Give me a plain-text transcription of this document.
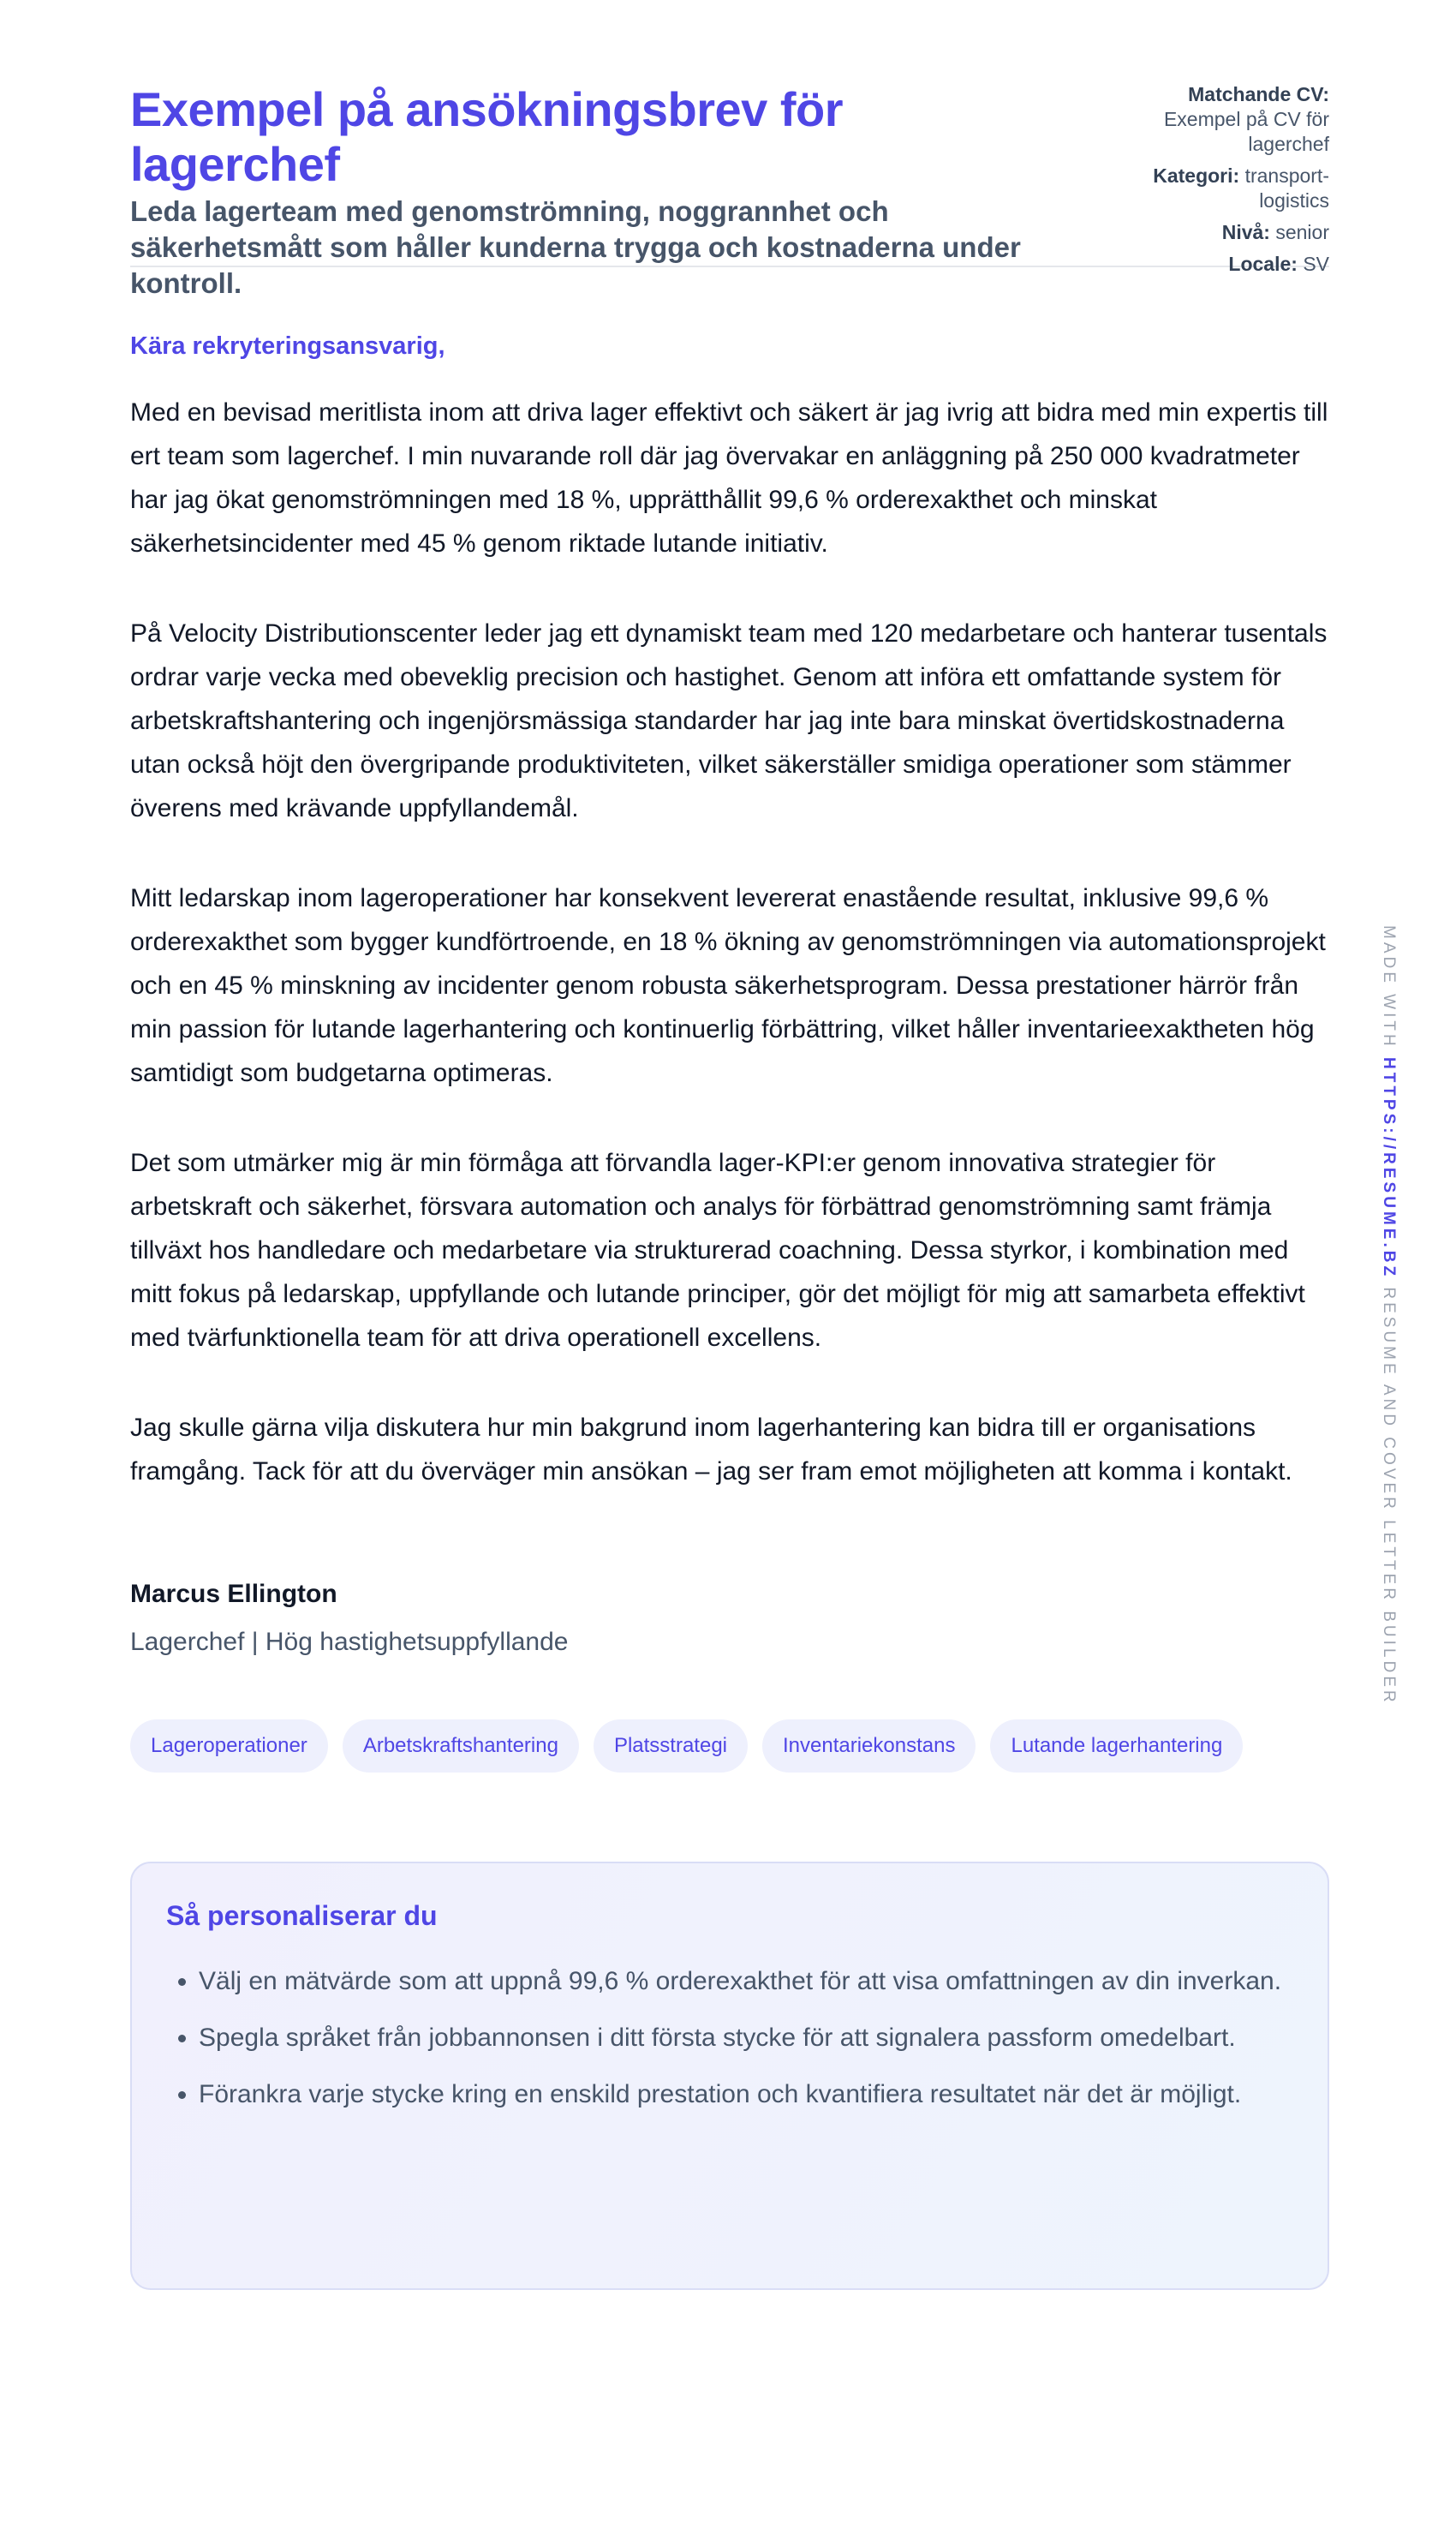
Exempel på ansökningsbrev för lagerchef

Leda lagerteam med genomströmning, noggrannhet och säkerhetsmått som håller kunderna trygga och kostnaderna under kontroll.

Matchande CV:
Exempel på CV för lagerchef
Kategori: transport-logistics
Nivå: senior
Locale: SV

Kära rekryteringsansvarig,

Med en bevisad meritlista inom att driva lager effektivt och säkert är jag ivrig att bidra med min expertis till ert team som lagerchef. I min nuvarande roll där jag övervakar en anläggning på 250 000 kvadratmeter har jag ökat genomströmningen med 18 %, upprätthållit 99,6 % orderexakthet och minskat säkerhetsincidenter med 45 % genom riktade lutande initiativ.

På Velocity Distributionscenter leder jag ett dynamiskt team med 120 medarbetare och hanterar tusentals ordrar varje vecka med obeveklig precision och hastighet. Genom att införa ett omfattande system för arbetskraftshantering och ingenjörsmässiga standarder har jag inte bara minskat övertidskostnaderna utan också höjt den övergripande produktiviteten, vilket säkerställer smidiga operationer som stämmer överens med krävande uppfyllandemål.

Mitt ledarskap inom lageroperationer har konsekvent levererat enastående resultat, inklusive 99,6 % orderexakthet som bygger kundförtroende, en 18 % ökning av genomströmningen via automationsprojekt och en 45 % minskning av incidenter genom robusta säkerhetsprogram. Dessa prestationer härrör från min passion för lutande lagerhantering och kontinuerlig förbättring, vilket håller inventarieexaktheten hög samtidigt som budgetarna optimeras.

Det som utmärker mig är min förmåga att förvandla lager-KPI:er genom innovativa strategier för arbetskraft och säkerhet, försvara automation och analys för förbättrad genomströmning samt främja tillväxt hos handledare och medarbetare via strukturerad coachning. Dessa styrkor, i kombination med mitt fokus på ledarskap, uppfyllande och lutande principer, gör det möjligt för mig att samarbeta effektivt med tvärfunktionella team för att driva operationell excellens.

Jag skulle gärna vilja diskutera hur min bakgrund inom lagerhantering kan bidra till er organisations framgång. Tack för att du överväger min ansökan – jag ser fram emot möjligheten att komma i kontakt.

Marcus Ellington
Lagerchef | Hög hastighetsuppfyllande
Lageroperationer	Arbetskraftshantering	Platsstrategi	Inventariekonstans	Lutande lagerhantering
Så personaliserar du
• Välj en mätvärde som att uppnå 99,6 % orderexakthet för att visa omfattningen av din inverkan.
• Spegla språket från jobbannonsen i ditt första stycke för att signalera passform omedelbart.
• Förankra varje stycke kring en enskild prestation och kvantifiera resultatet när det är möjligt.
MADE WITH HTTPS://RESUME.BZ RESUME AND COVER LETTER BUILDER
